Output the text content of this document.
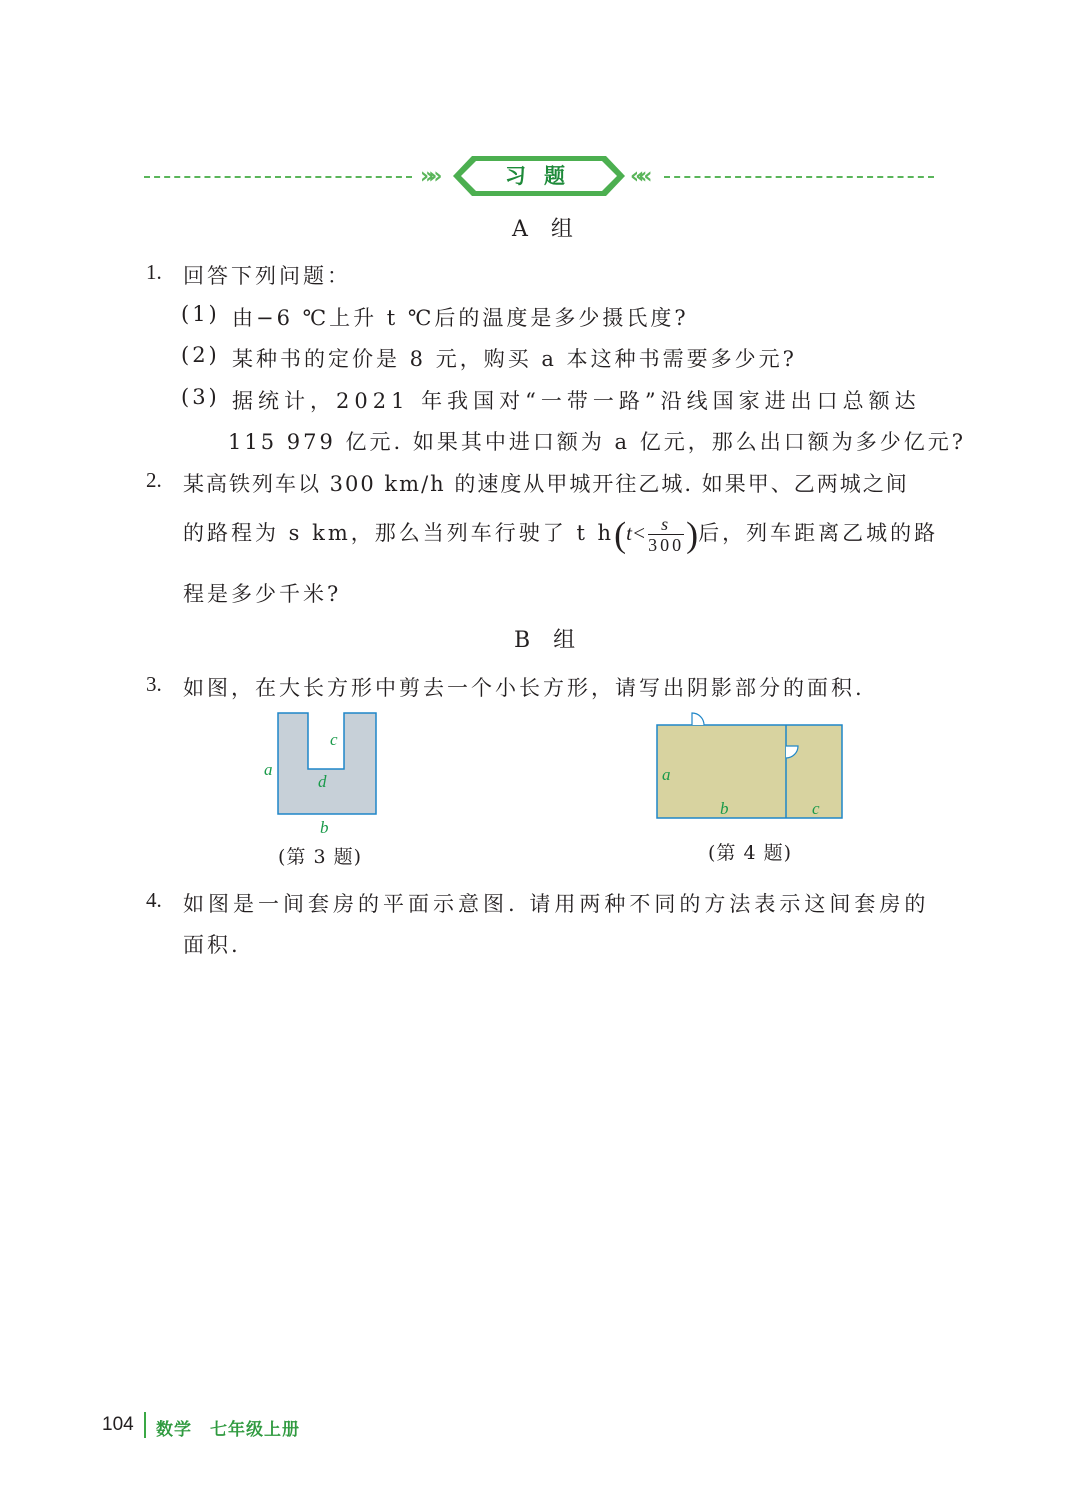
»»	习题	««
A 组
1. 回答下列问题：
(1) 由−6 ℃上升 t ℃后的温度是多少摄氏度?
(2) 某种书的定价是 8 元，购买 a 本这种书需要多少元?
(3) 据统计，2021 年我国对“一带一路”沿线国家进出口总额达
115 979 亿元. 如果其中进口额为 a 亿元，那么出口额为多少亿元?
2. 某高铁列车以 300 km/h 的速度从甲城开往乙城. 如果甲、乙两城之间
的路程为 s km，那么当列车行驶了 t $h(t< \frac{s}{300}$ )后，列车距离乙城的路
程是多少千米?
B 组
3. 如图，在大长方形中剪去一个小长方形，请写出阴影部分的面积.
c
a
d
b
(第 3 题)
a
b	c
(第 4 题)
4. 如图是一间套房的平面示意图. 请用两种不同的方法表示这间套房的
面积.
104 数学　七年级上册
